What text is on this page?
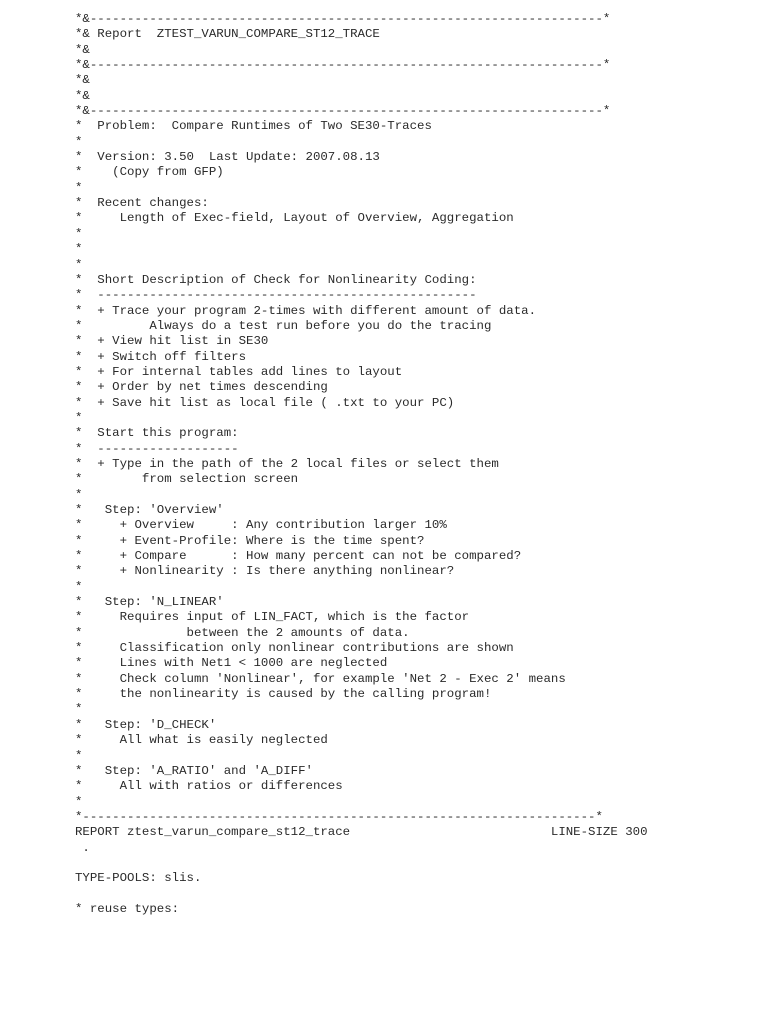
*&---------------------------------------------------------------------*
*& Report  ZTEST_VARUN_COMPARE_ST12_TRACE
*&
*&---------------------------------------------------------------------*
*&
*&
*&---------------------------------------------------------------------*
*  Problem:  Compare Runtimes of Two SE30-Traces
*
*  Version: 3.50  Last Update: 2007.08.13
*    (Copy from GFP)
*
*  Recent changes:
*     Length of Exec-field, Layout of Overview, Aggregation
*
*
*
*  Short Description of Check for Nonlinearity Coding:
*  ---------------------------------------------------
*  + Trace your program 2-times with different amount of data.
*         Always do a test run before you do the tracing
*  + View hit list in SE30
*  + Switch off filters
*  + For internal tables add lines to layout
*  + Order by net times descending
*  + Save hit list as local file ( .txt to your PC)
*
*  Start this program:
*  -------------------
*  + Type in the path of the 2 local files or select them
*        from selection screen
*
*   Step: 'Overview'
*     + Overview     : Any contribution larger 10%
*     + Event-Profile: Where is the time spent?
*     + Compare      : How many percent can not be compared?
*     + Nonlinearity : Is there anything nonlinear?
*
*   Step: 'N_LINEAR'
*     Requires input of LIN_FACT, which is the factor
*              between the 2 amounts of data.
*     Classification only nonlinear contributions are shown
*     Lines with Net1 < 1000 are neglected
*     Check column 'Nonlinear', for example 'Net 2 - Exec 2' means
*     the nonlinearity is caused by the calling program!
*
*   Step: 'D_CHECK'
*     All what is easily neglected
*
*   Step: 'A_RATIO' and 'A_DIFF'
*     All with ratios or differences
*
*---------------------------------------------------------------------*
REPORT ztest_varun_compare_st12_trace                           LINE-SIZE 300
.
TYPE-POOLS: slis.
* reuse types:
